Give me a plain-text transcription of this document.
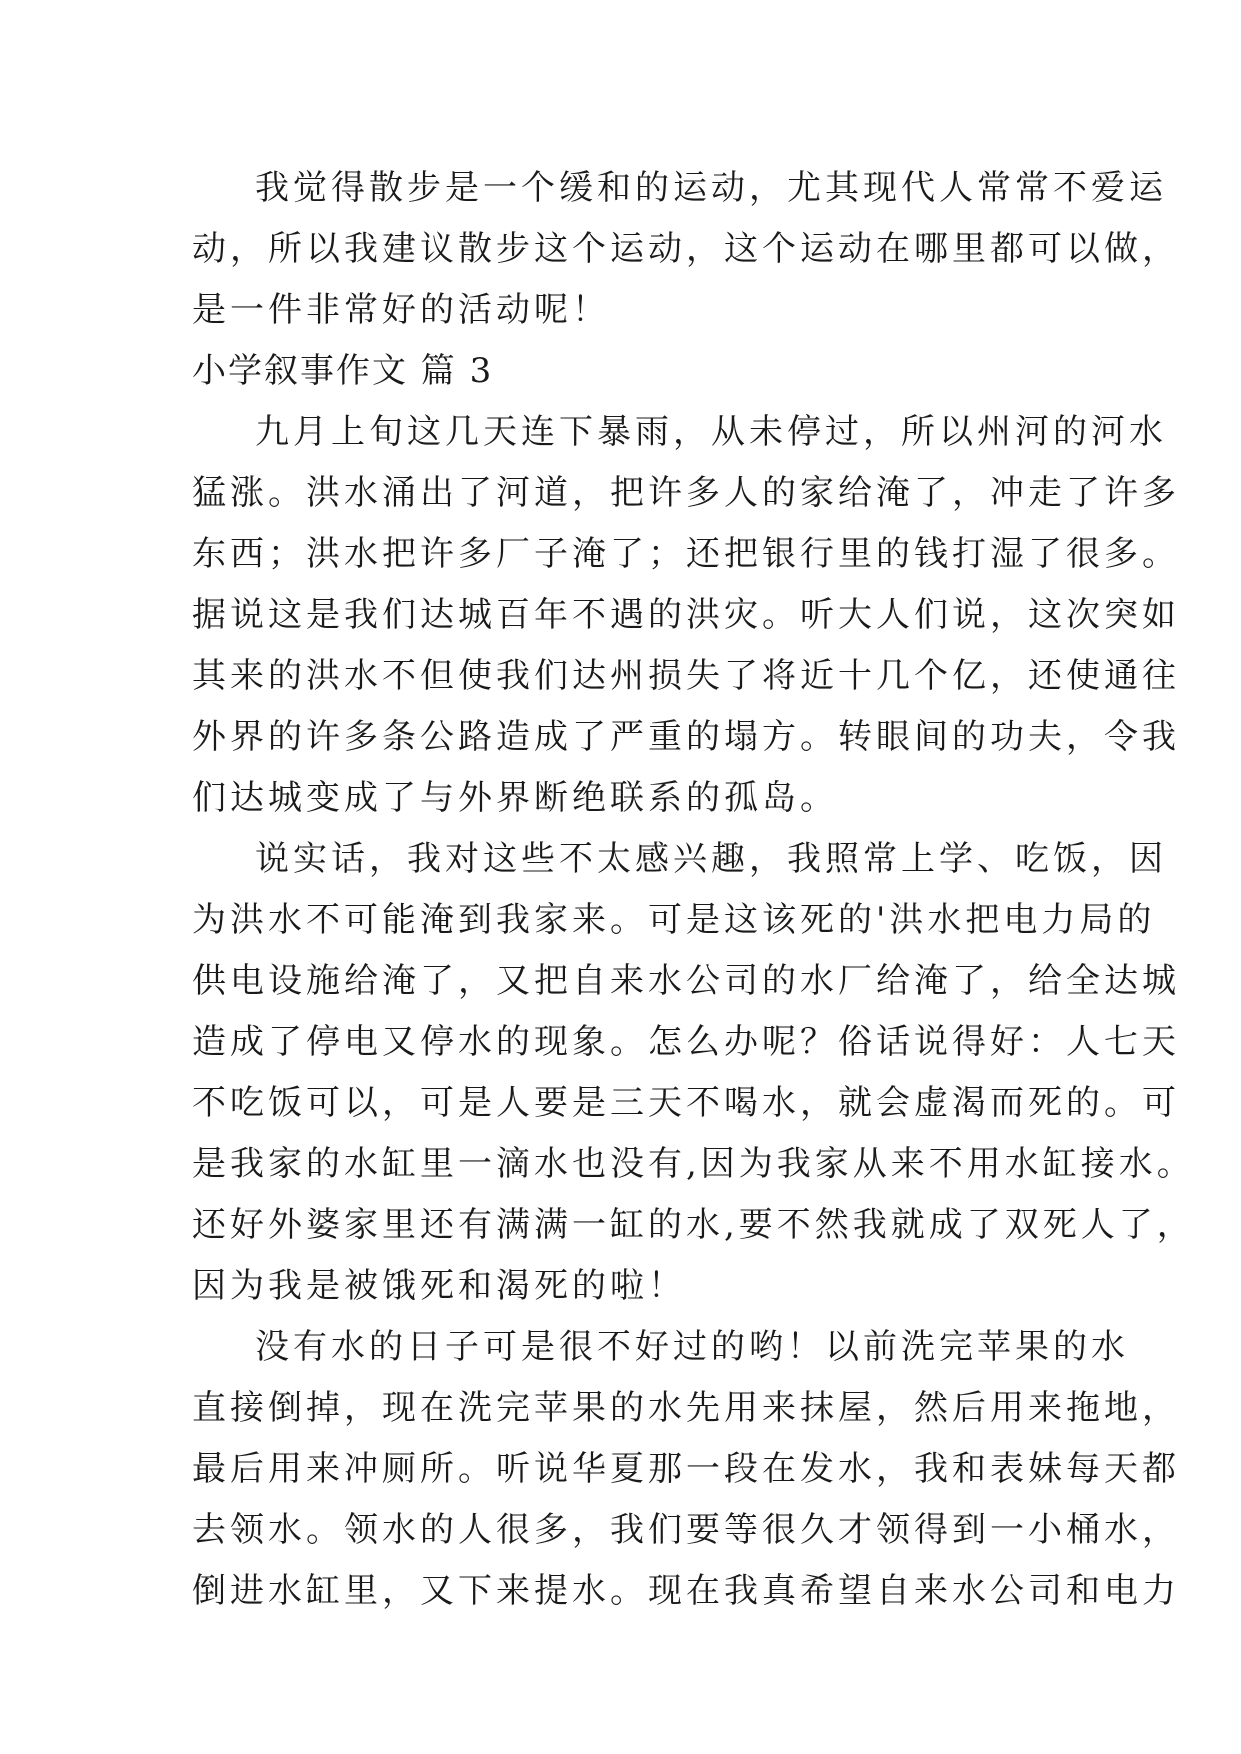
我觉得散步是一个缓和的运动，尤其现代人常常不爱运
动，所以我建议散步这个运动，这个运动在哪里都可以做，
是一件非常好的活动呢！
小学叙事作文 篇 3
九月上旬这几天连下暴雨，从未停过，所以州河的河水
猛涨。洪水涌出了河道，把许多人的家给淹了，冲走了许多
东西；洪水把许多厂子淹了；还把银行里的钱打湿了很多。
据说这是我们达城百年不遇的洪灾。听大人们说，这次突如
其来的洪水不但使我们达州损失了将近十几个亿，还使通往
外界的许多条公路造成了严重的塌方。转眼间的功夫，令我
们达城变成了与外界断绝联系的孤岛。
说实话，我对这些不太感兴趣，我照常上学、吃饭，因
为洪水不可能淹到我家来。可是这该死的'洪水把电力局的
供电设施给淹了，又把自来水公司的水厂给淹了，给全达城
造成了停电又停水的现象。怎么办呢？俗话说得好：人七天
不吃饭可以，可是人要是三天不喝水，就会虚渴而死的。可
是我家的水缸里一滴水也没有,因为我家从来不用水缸接水。
还好外婆家里还有满满一缸的水,要不然我就成了双死人了，
因为我是被饿死和渴死的啦！
没有水的日子可是很不好过的哟！以前洗完苹果的水
直接倒掉，现在洗完苹果的水先用来抹屋，然后用来拖地，
最后用来冲厕所。听说华夏那一段在发水，我和表妹每天都
去领水。领水的人很多，我们要等很久才领得到一小桶水，
倒进水缸里，又下来提水。现在我真希望自来水公司和电力
